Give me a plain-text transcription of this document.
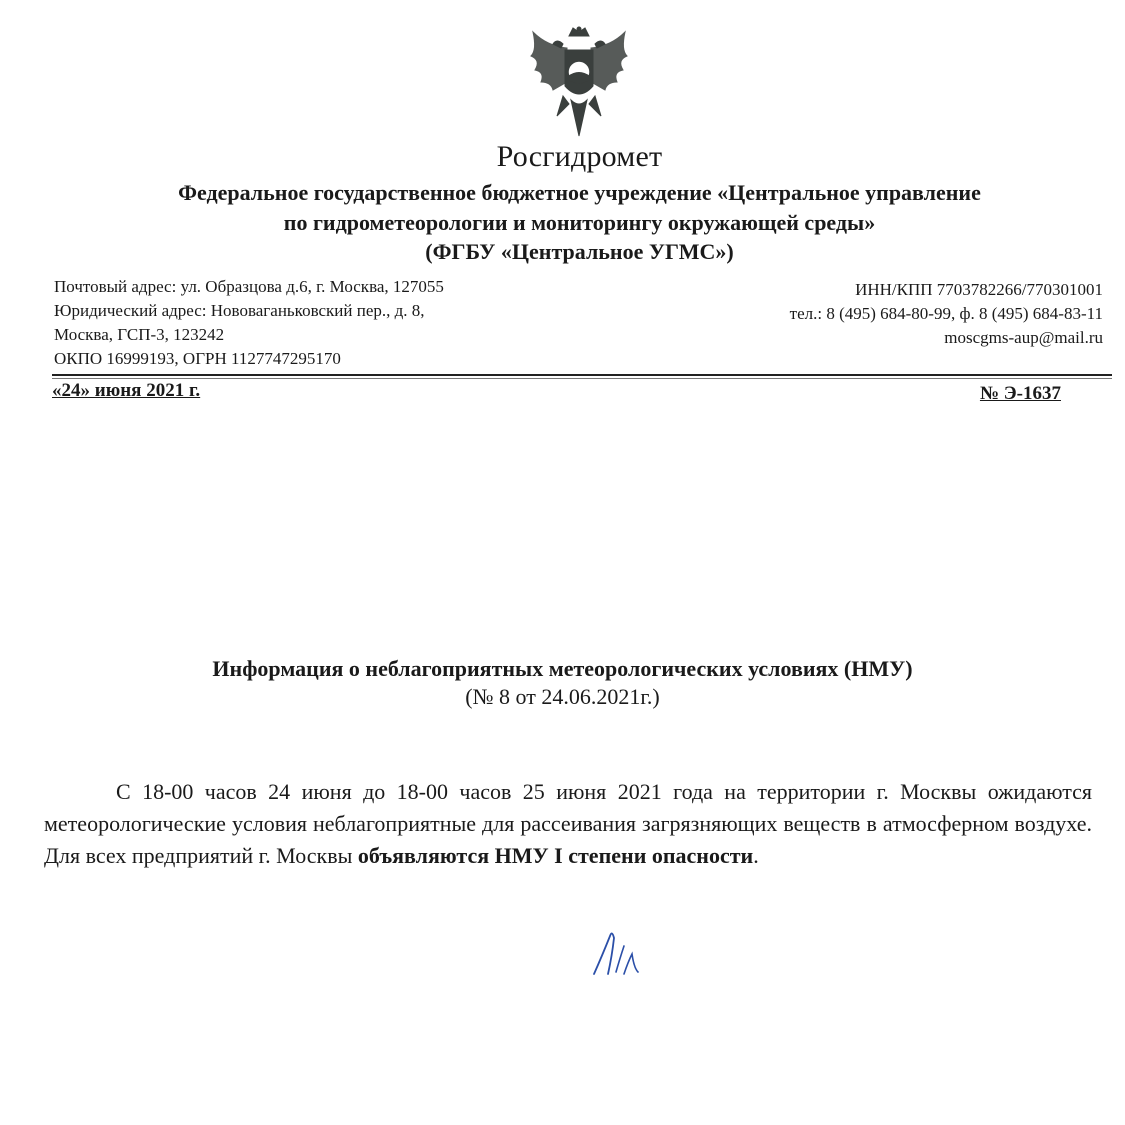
Росгидромет
Федеральное государственное бюджетное учреждение «Центральное управление
по гидрометеорологии и мониторингу окружающей среды»
(ФГБУ «Центральное УГМС»)
Почтовый адрес: ул. Образцова д.6, г. Москва, 127055
Юридический адрес: Нововаганьковский пер., д. 8,
Москва, ГСП-3, 123242
ОКПО 16999193, ОГРН 1127747295170
ИНН/КПП 7703782266/770301001
тел.: 8 (495) 684-80-99, ф. 8 (495) 684-83-11
moscgms-aup@mail.ru
«24» июня 2021 г.	№ Э-1637
Информация о неблагоприятных метеорологических условиях (НМУ)
(№ 8 от 24.06.2021г.)
С 18-00 часов 24 июня до 18-00 часов 25 июня 2021 года на территории г. Москвы ожидаются метеорологические условия неблагоприятные для рассеивания загрязняющих веществ в атмосферном воздухе. Для всех предприятий г. Москвы объявляются НМУ I степени опасности.
